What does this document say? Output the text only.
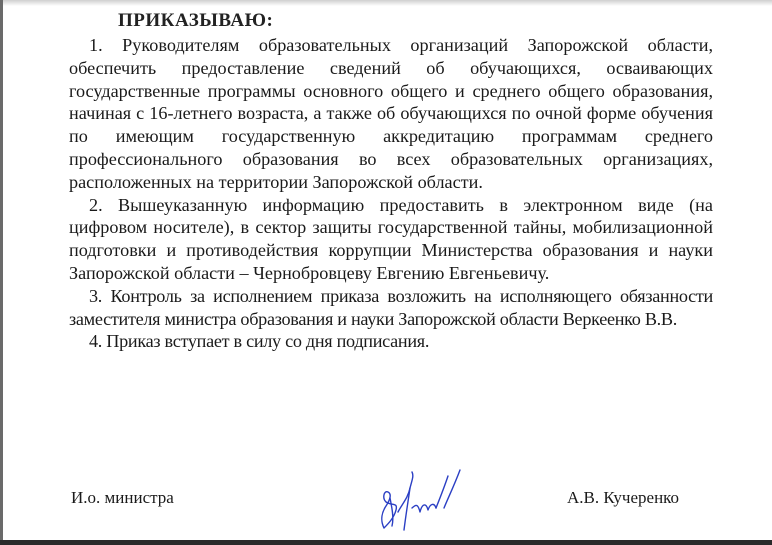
ПРИКАЗЫВАЮ:

1. Руководителям образовательных организаций Запорожской области, обеспечить предоставление сведений об обучающихся, осваивающих государственные программы основного общего и среднего общего образования, начиная с 16-летнего возраста, а также об обучающихся по очной форме обучения по имеющим государственную аккредитацию программам среднего профессионального образования во всех образовательных организациях, расположенных на территории Запорожской области.

2. Вышеуказанную информацию предоставить в электронном виде (на цифровом носителе), в сектор защиты государственной тайны, мобилизационной подготовки и противодействия коррупции Министерства образования и науки Запорожской области – Чернобровцеву Евгению Евгеньевичу.

3. Контроль за исполнением приказа возложить на исполняющего обязанности заместителя министра образования и науки Запорожской области Веркеенко В.В.

4. Приказ вступает в силу со дня подписания.

И.о. министра	А.В. Кучеренко
